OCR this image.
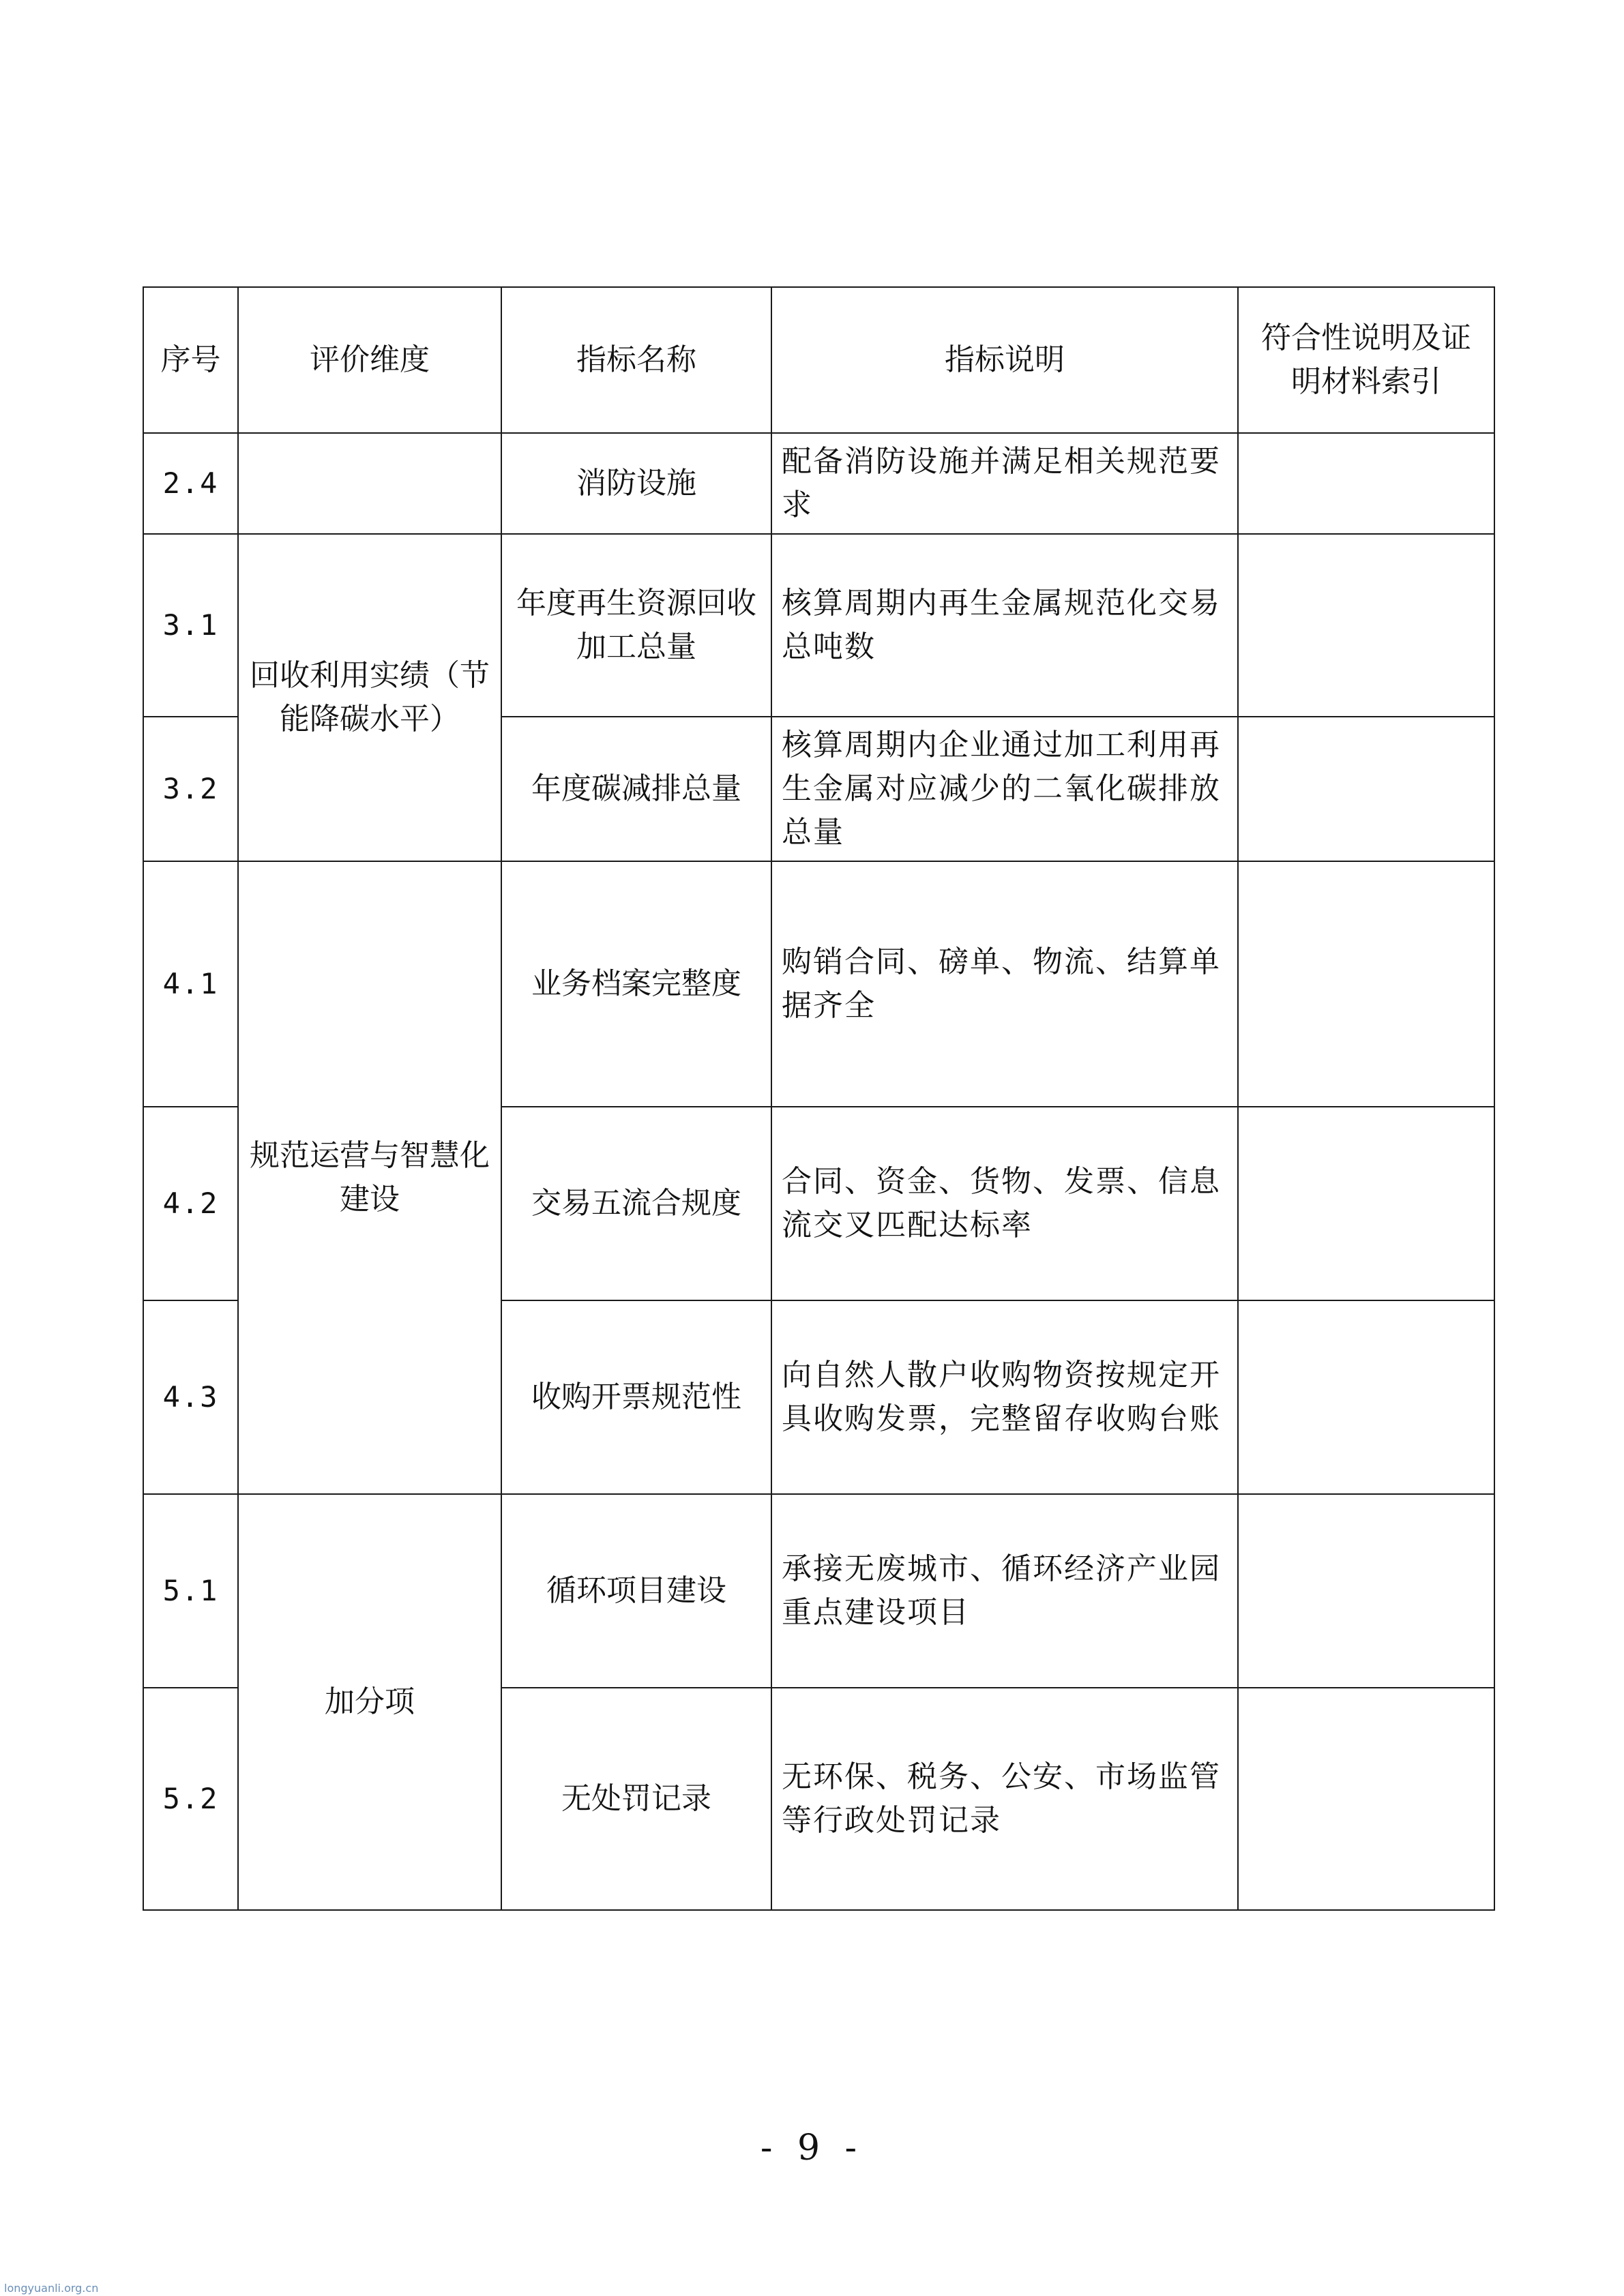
序号	评价维度	指标名称	指标说明	符合性说明及证明材料索引
2.4		消防设施	配备消防设施并满足相关规范要求	
3.1	回收利用实绩（节能降碳水平）	年度再生资源回收加工总量	核算周期内再生金属规范化交易总吨数	
3.2		年度碳减排总量	核算周期内企业通过加工利用再生金属对应减少的二氧化碳排放总量	
4.1	规范运营与智慧化建设	业务档案完整度	购销合同、磅单、物流、结算单据齐全	
4.2		交易五流合规度	合同、资金、货物、发票、信息流交叉匹配达标率	
4.3		收购开票规范性	向自然人散户收购物资按规定开具收购发票，完整留存收购台账	
5.1	加分项	循环项目建设	承接无废城市、循环经济产业园重点建设项目	
5.2		无处罚记录	无环保、税务、公安、市场监管等行政处罚记录	
- 9 -
longyuanli.org.cn
